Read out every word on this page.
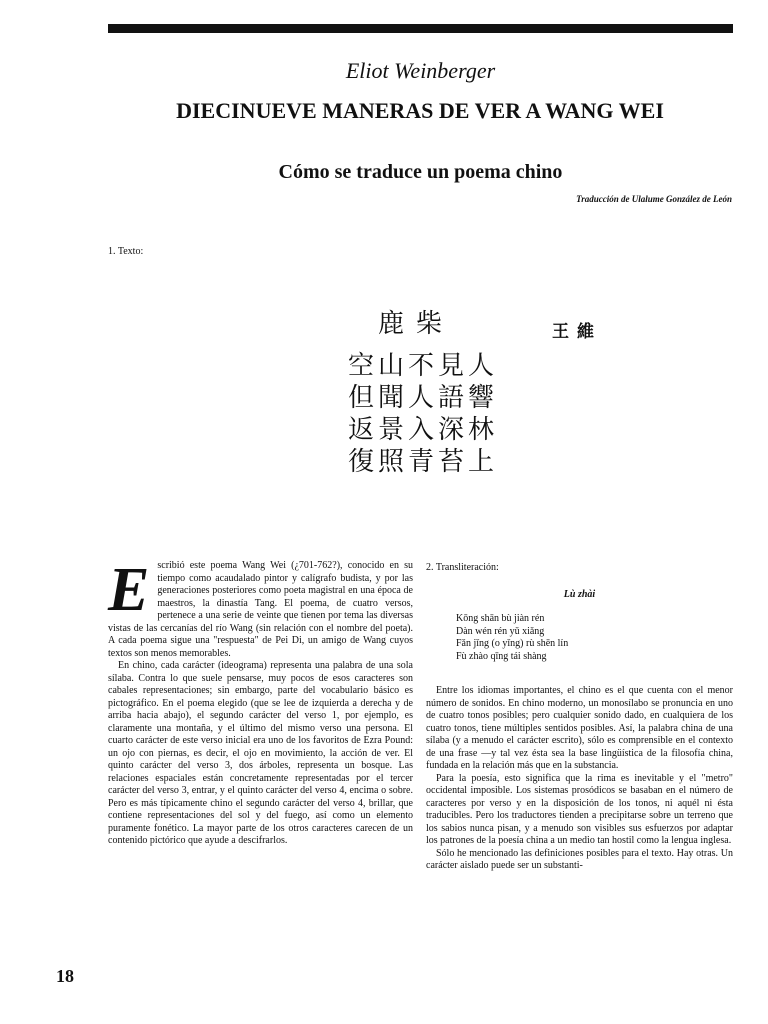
Eliot Weinberger
DIECINUEVE MANERAS DE VER A WANG WEI
Cómo se traduce un poema chino
Traducción de Ulalume González de León
1. Texto:
鹿柴	王維
空山不見人
但聞人語響
返景入深林
復照青苔上

Escribió este poema Wang Wei (¿701-762?), conocido en su tiempo como acaudalado pintor y calígrafo budista, y por las generaciones posteriores como poeta magistral en una época de maestros, la dinastía Tang. El poema, de cuatro versos, pertenece a una serie de veinte que tienen por tema las diversas vistas de las cercanías del río Wang (sin relación con el nombre del poeta). A cada poema sigue una "respuesta" de Pei Di, un amigo de Wang cuyos textos son menos memorables.

En chino, cada carácter (ideograma) representa una palabra de una sola sílaba. Contra lo que suele pensarse, muy pocos de esos caracteres son cabales representaciones; sin embargo, parte del vocabulario básico es pictográfico. En el poema elegido (que se lee de izquierda a derecha y de arriba hacia abajo), el segundo carácter del verso 1, por ejemplo, es claramente una montaña, y el último del mismo verso una persona. El cuarto carácter de este verso inicial era uno de los favoritos de Ezra Pound: un ojo con piernas, es decir, el ojo en movimiento, la acción de ver. El quinto carácter del verso 3, dos árboles, representa un bosque. Las relaciones espaciales están concretamente representadas por el tercer carácter del verso 3, entrar, y el quinto carácter del verso 4, encima o sobre. Pero es más típicamente chino el segundo carácter del verso 4, brillar, que contiene representaciones del sol y del fuego, así como un elemento puramente fonético. La mayor parte de los otros caracteres carecen de un contenido pictórico que ayude a descifrarlos.

2. Transliteración:

Lù zhài

Kōng shān bù jiàn rén
Dàn wén rén yǔ xiǎng
Fǎn jǐng (o yǐng) rù shēn lín
Fù zhào qīng tái shàng

Entre los idiomas importantes, el chino es el que cuenta con el menor número de sonidos. En chino moderno, un monosílabo se pronuncia en uno de cuatro tonos posibles; pero cualquier sonido dado, en cualquiera de los cuatro tonos, tiene múltiples sentidos posibles. Así, la palabra china de una sílaba (y a menudo el carácter escrito), sólo es comprensible en el contexto de una frase —y tal vez ésta sea la base lingüística de la filosofía china, fundada en la relación más que en la substancia.

Para la poesía, esto significa que la rima es inevitable y el "metro" occidental imposible. Los sistemas prosódicos se basaban en el número de caracteres por verso y en la disposición de los tonos, ni aquél ni ésta traducibles. Pero los traductores tienden a precipitarse sobre un terreno que los sabios nunca pisan, y a menudo son visibles sus esfuerzos por adaptar los patrones de la poesía china a un medio tan hostil como la lengua inglesa.

Sólo he mencionado las definiciones posibles para el texto. Hay otras. Un carácter aislado puede ser un substanti-

18
